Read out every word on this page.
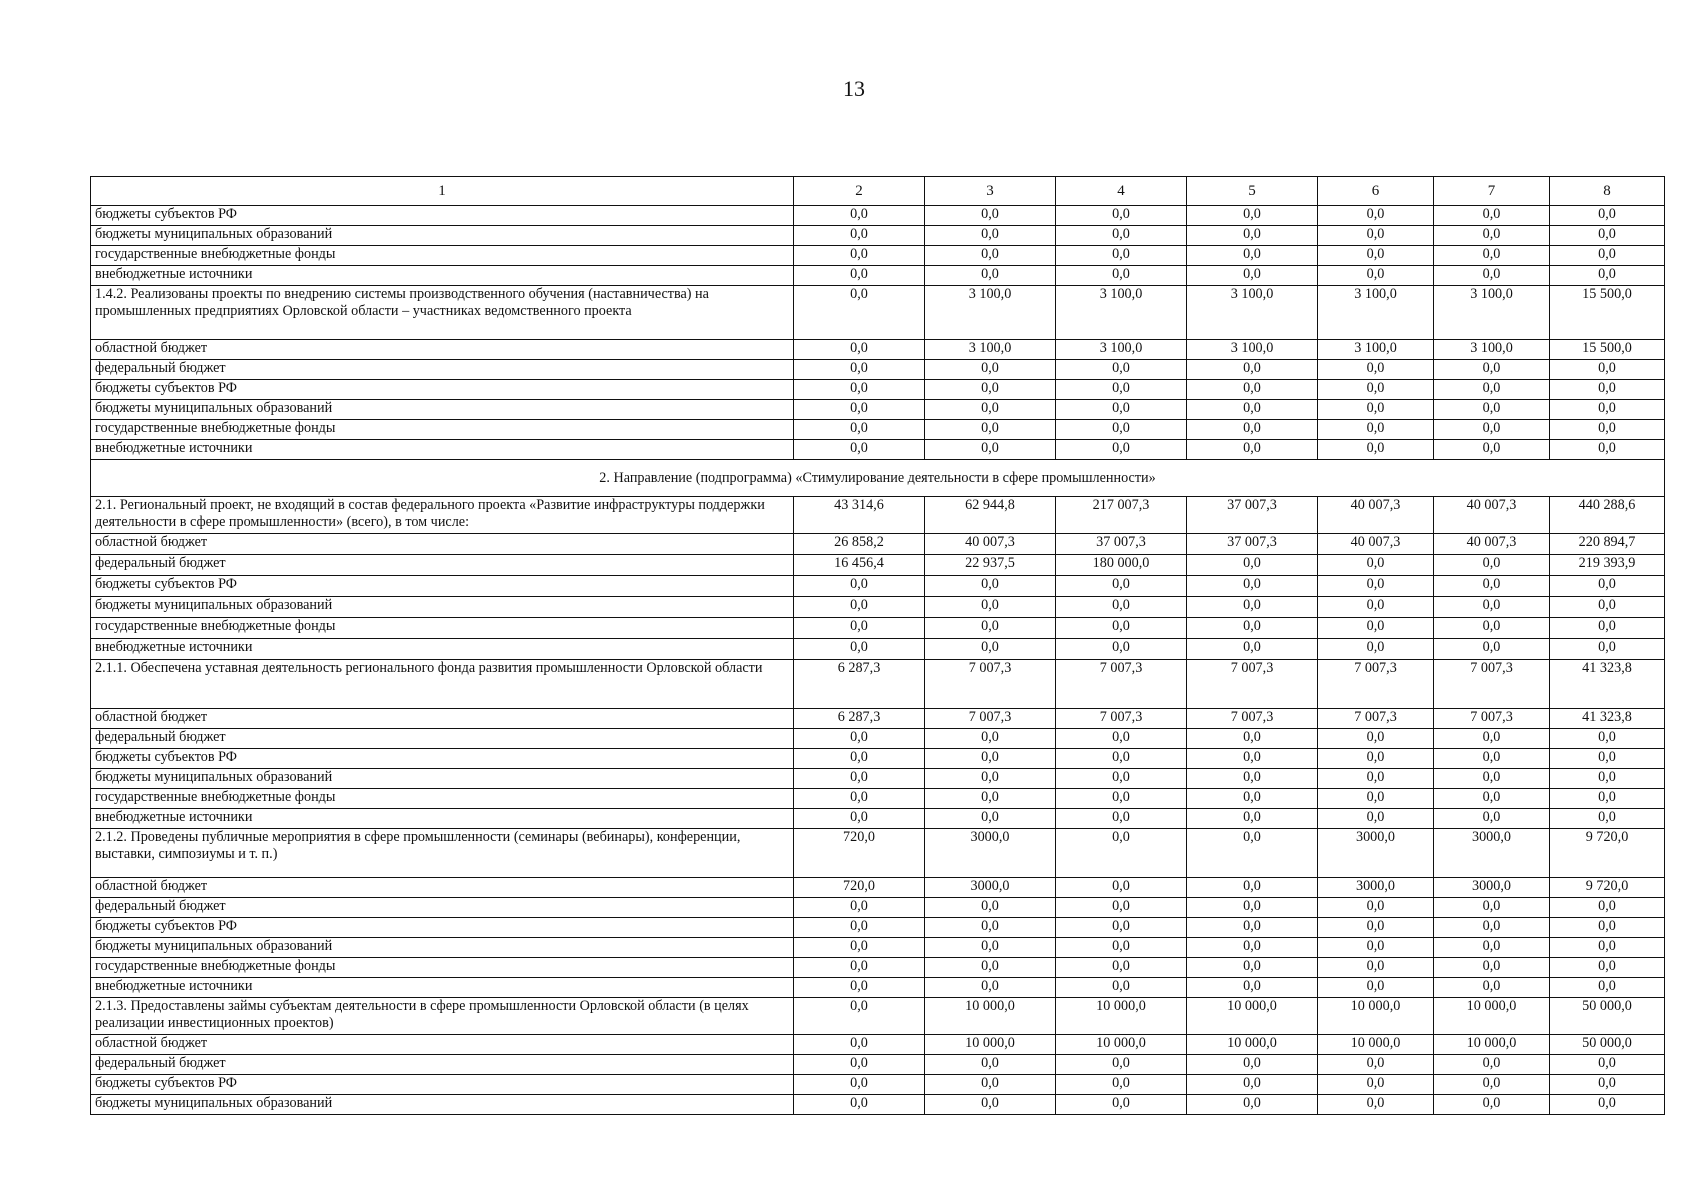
13
1	2	3	4	5	6	7	8
бюджеты субъектов РФ	0,0	0,0	0,0	0,0	0,0	0,0	0,0
бюджеты муниципальных образований	0,0	0,0	0,0	0,0	0,0	0,0	0,0
государственные внебюджетные фонды	0,0	0,0	0,0	0,0	0,0	0,0	0,0
внебюджетные источники	0,0	0,0	0,0	0,0	0,0	0,0	0,0
1.4.2. Реализованы проекты по внедрению системы производственного обучения (наставничества) на промышленных предприятиях Орловской области – участниках ведомственного проекта	0,0	3 100,0	3 100,0	3 100,0	3 100,0	3 100,0	15 500,0
областной бюджет	0,0	3 100,0	3 100,0	3 100,0	3 100,0	3 100,0	15 500,0
федеральный бюджет	0,0	0,0	0,0	0,0	0,0	0,0	0,0
бюджеты субъектов РФ	0,0	0,0	0,0	0,0	0,0	0,0	0,0
бюджеты муниципальных образований	0,0	0,0	0,0	0,0	0,0	0,0	0,0
государственные внебюджетные фонды	0,0	0,0	0,0	0,0	0,0	0,0	0,0
внебюджетные источники	0,0	0,0	0,0	0,0	0,0	0,0	0,0
2. Направление (подпрограмма) «Стимулирование деятельности в сфере промышленности»							
2.1. Региональный проект, не входящий в состав федерального проекта «Развитие инфраструктуры поддержки деятельности в сфере промышленности» (всего), в том числе:	43 314,6	62 944,8	217 007,3	37 007,3	40 007,3	40 007,3	440 288,6
областной бюджет	26 858,2	40 007,3	37 007,3	37 007,3	40 007,3	40 007,3	220 894,7
федеральный бюджет	16 456,4	22 937,5	180 000,0	0,0	0,0	0,0	219 393,9
бюджеты субъектов РФ	0,0	0,0	0,0	0,0	0,0	0,0	0,0
бюджеты муниципальных образований	0,0	0,0	0,0	0,0	0,0	0,0	0,0
государственные внебюджетные фонды	0,0	0,0	0,0	0,0	0,0	0,0	0,0
внебюджетные источники	0,0	0,0	0,0	0,0	0,0	0,0	0,0
2.1.1. Обеспечена уставная деятельность регионального фонда развития промышленности Орловской области	6 287,3	7 007,3	7 007,3	7 007,3	7 007,3	7 007,3	41 323,8
областной бюджет	6 287,3	7 007,3	7 007,3	7 007,3	7 007,3	7 007,3	41 323,8
федеральный бюджет	0,0	0,0	0,0	0,0	0,0	0,0	0,0
бюджеты субъектов РФ	0,0	0,0	0,0	0,0	0,0	0,0	0,0
бюджеты муниципальных образований	0,0	0,0	0,0	0,0	0,0	0,0	0,0
государственные внебюджетные фонды	0,0	0,0	0,0	0,0	0,0	0,0	0,0
внебюджетные источники	0,0	0,0	0,0	0,0	0,0	0,0	0,0
2.1.2. Проведены публичные мероприятия в сфере промышленности (семинары (вебинары), конференции, выставки, симпозиумы и т. п.)	720,0	3000,0	0,0	0,0	3000,0	3000,0	9 720,0
областной бюджет	720,0	3000,0	0,0	0,0	3000,0	3000,0	9 720,0
федеральный бюджет	0,0	0,0	0,0	0,0	0,0	0,0	0,0
бюджеты субъектов РФ	0,0	0,0	0,0	0,0	0,0	0,0	0,0
бюджеты муниципальных образований	0,0	0,0	0,0	0,0	0,0	0,0	0,0
государственные внебюджетные фонды	0,0	0,0	0,0	0,0	0,0	0,0	0,0
внебюджетные источники	0,0	0,0	0,0	0,0	0,0	0,0	0,0
2.1.3. Предоставлены займы субъектам деятельности в сфере промышленности Орловской области (в целях реализации инвестиционных проектов)	0,0	10 000,0	10 000,0	10 000,0	10 000,0	10 000,0	50 000,0
областной бюджет	0,0	10 000,0	10 000,0	10 000,0	10 000,0	10 000,0	50 000,0
федеральный бюджет	0,0	0,0	0,0	0,0	0,0	0,0	0,0
бюджеты субъектов РФ	0,0	0,0	0,0	0,0	0,0	0,0	0,0
бюджеты муниципальных образований	0,0	0,0	0,0	0,0	0,0	0,0	0,0
